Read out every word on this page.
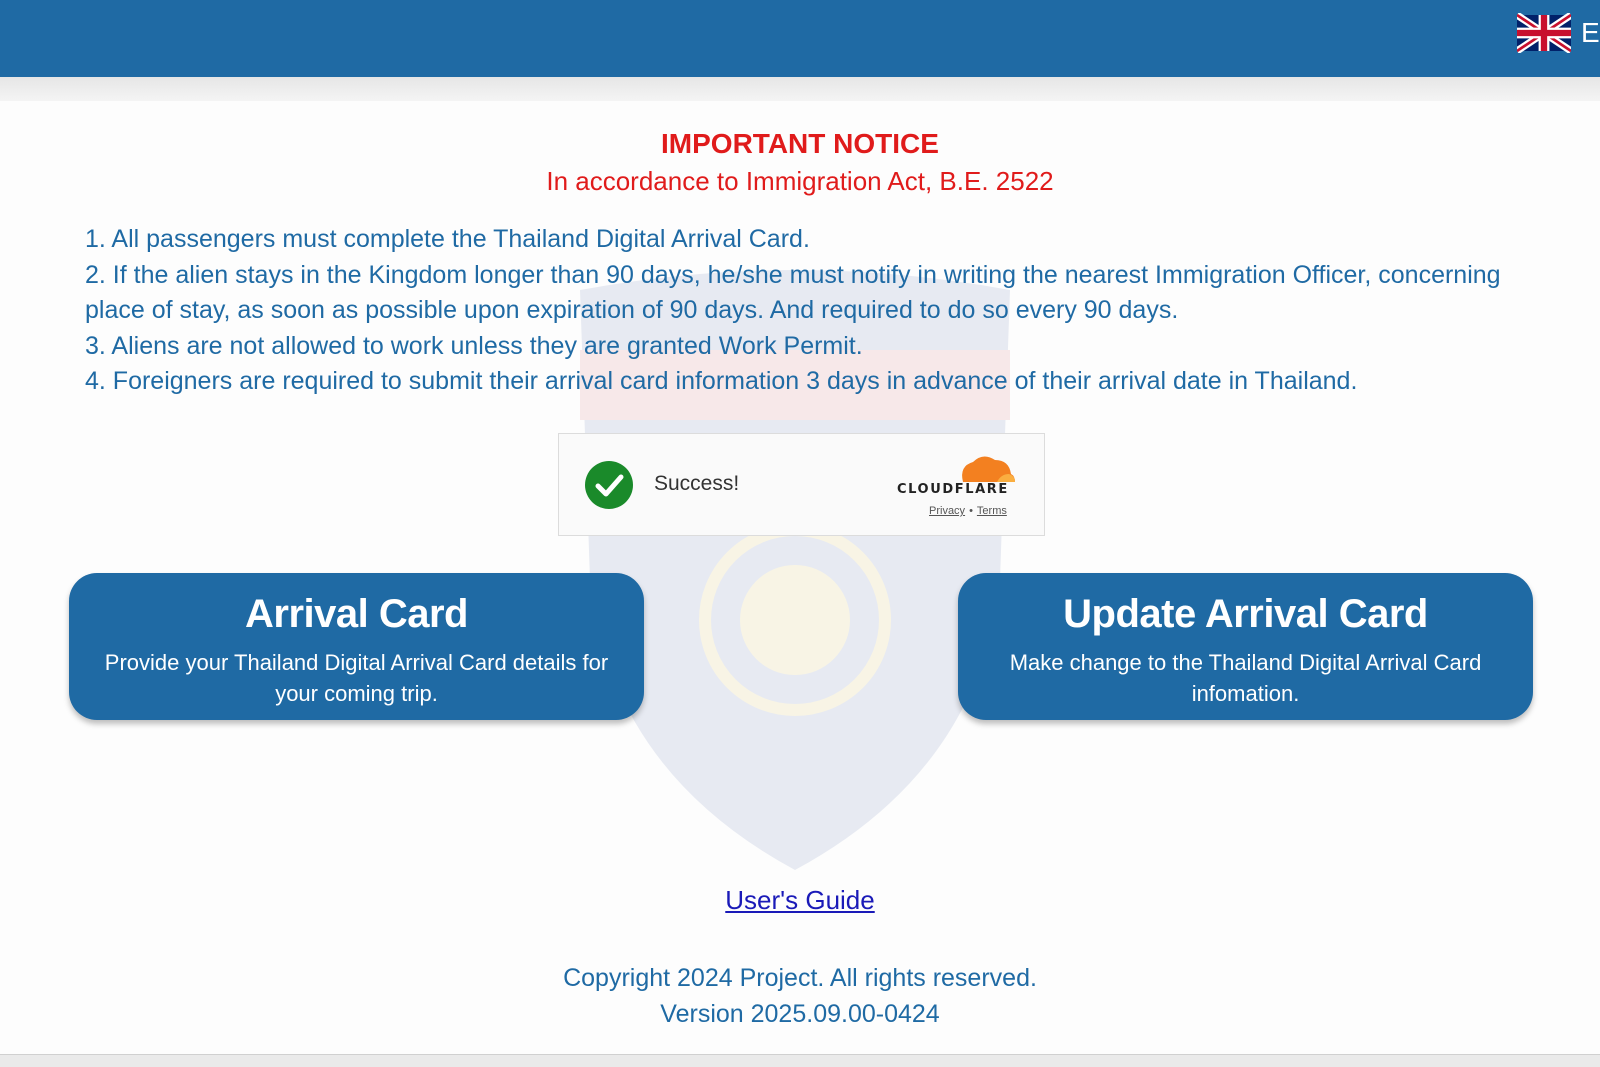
E
IMPORTANT NOTICE
In accordance to Immigration Act, B.E. 2522

1. All passengers must complete the Thailand Digital Arrival Card.

2. If the alien stays in the Kingdom longer than 90 days, he/she must notify in writing the nearest Immigration Officer, concerning place of stay, as soon as possible upon expiration of 90 days. And required to do so every 90 days.

3. Aliens are not allowed to work unless they are granted Work Permit.

4. Foreigners are required to submit their arrival card information 3 days in advance of their arrival date in Thailand.

Success!	CLOUDFLARE
Privacy • Terms
Arrival Card
Provide your Thailand Digital Arrival Card details for your coming trip.
Update Arrival Card
Make change to the Thailand Digital Arrival Card infomation.
User's Guide
Copyright 2024 Project. All rights reserved.
Version 2025.09.00-0424
